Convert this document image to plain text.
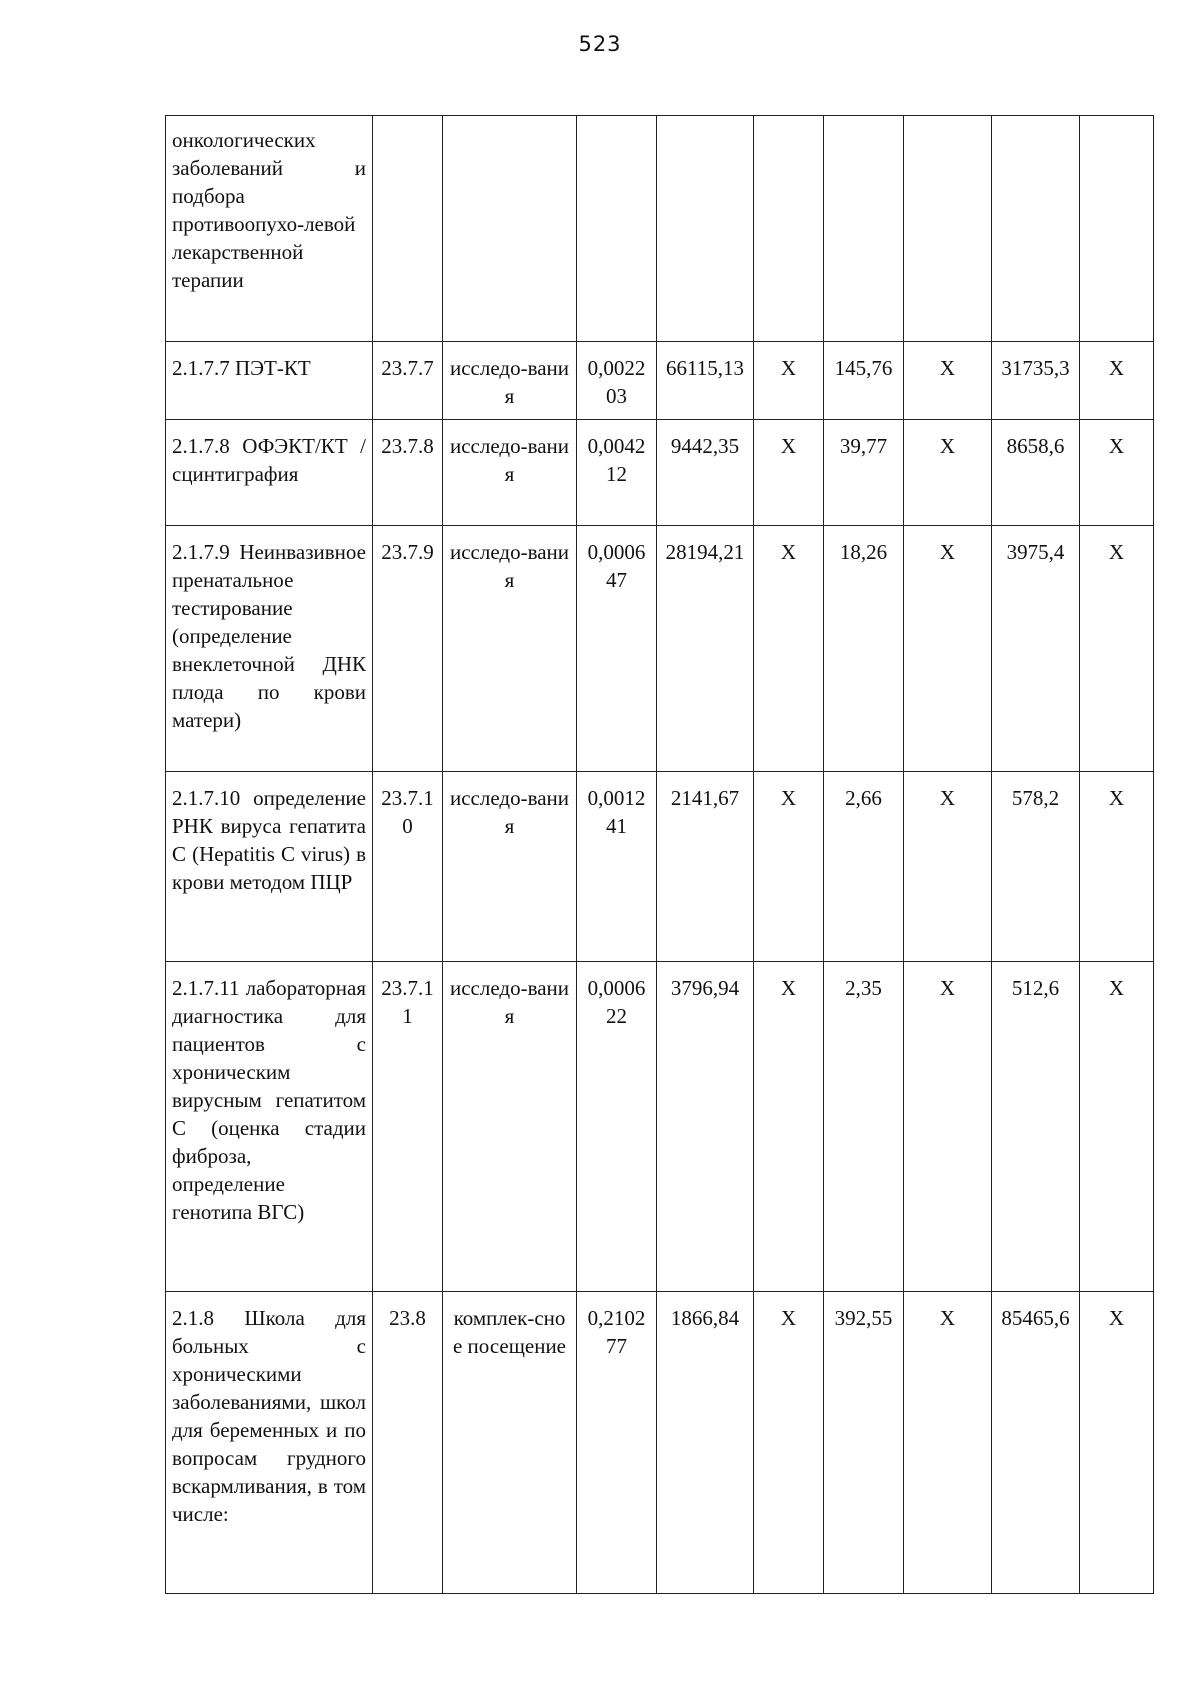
523
онкологических заболеваний и подбора противоопухо-левой лекарственной терапии									
2.1.7.7 ПЭТ-КТ	23.7.7	исследо-вания	0,002203	66115,13	X	145,76	X	31735,3	X
2.1.7.8 ОФЭКТ/КТ /сцинтиграфия	23.7.8	исследо-вания	0,004212	9442,35	X	39,77	X	8658,6	X
2.1.7.9 Неинвазивное пренатальное тестирование (определение внеклеточной ДНК плода по крови матери)	23.7.9	исследо-вания	0,000647	28194,21	X	18,26	X	3975,4	X
2.1.7.10 определение РНК вируса гепатита С (Hepatitis C virus) в крови методом ПЦР	23.7.10	исследо-вания	0,001241	2141,67	X	2,66	X	578,2	X
2.1.7.11 лабораторная диагностика для пациентов с хроническим вирусным гепатитом С (оценка стадии фиброза, определение генотипа ВГС)	23.7.11	исследо-вания	0,000622	3796,94	X	2,35	X	512,6	X
2.1.8 Школа для больных с хроническими заболеваниями, школ для беременных и по вопросам грудного вскармливания, в том числе:	23.8	комплек-сное посещение	0,210277	1866,84	X	392,55	X	85465,6	X
